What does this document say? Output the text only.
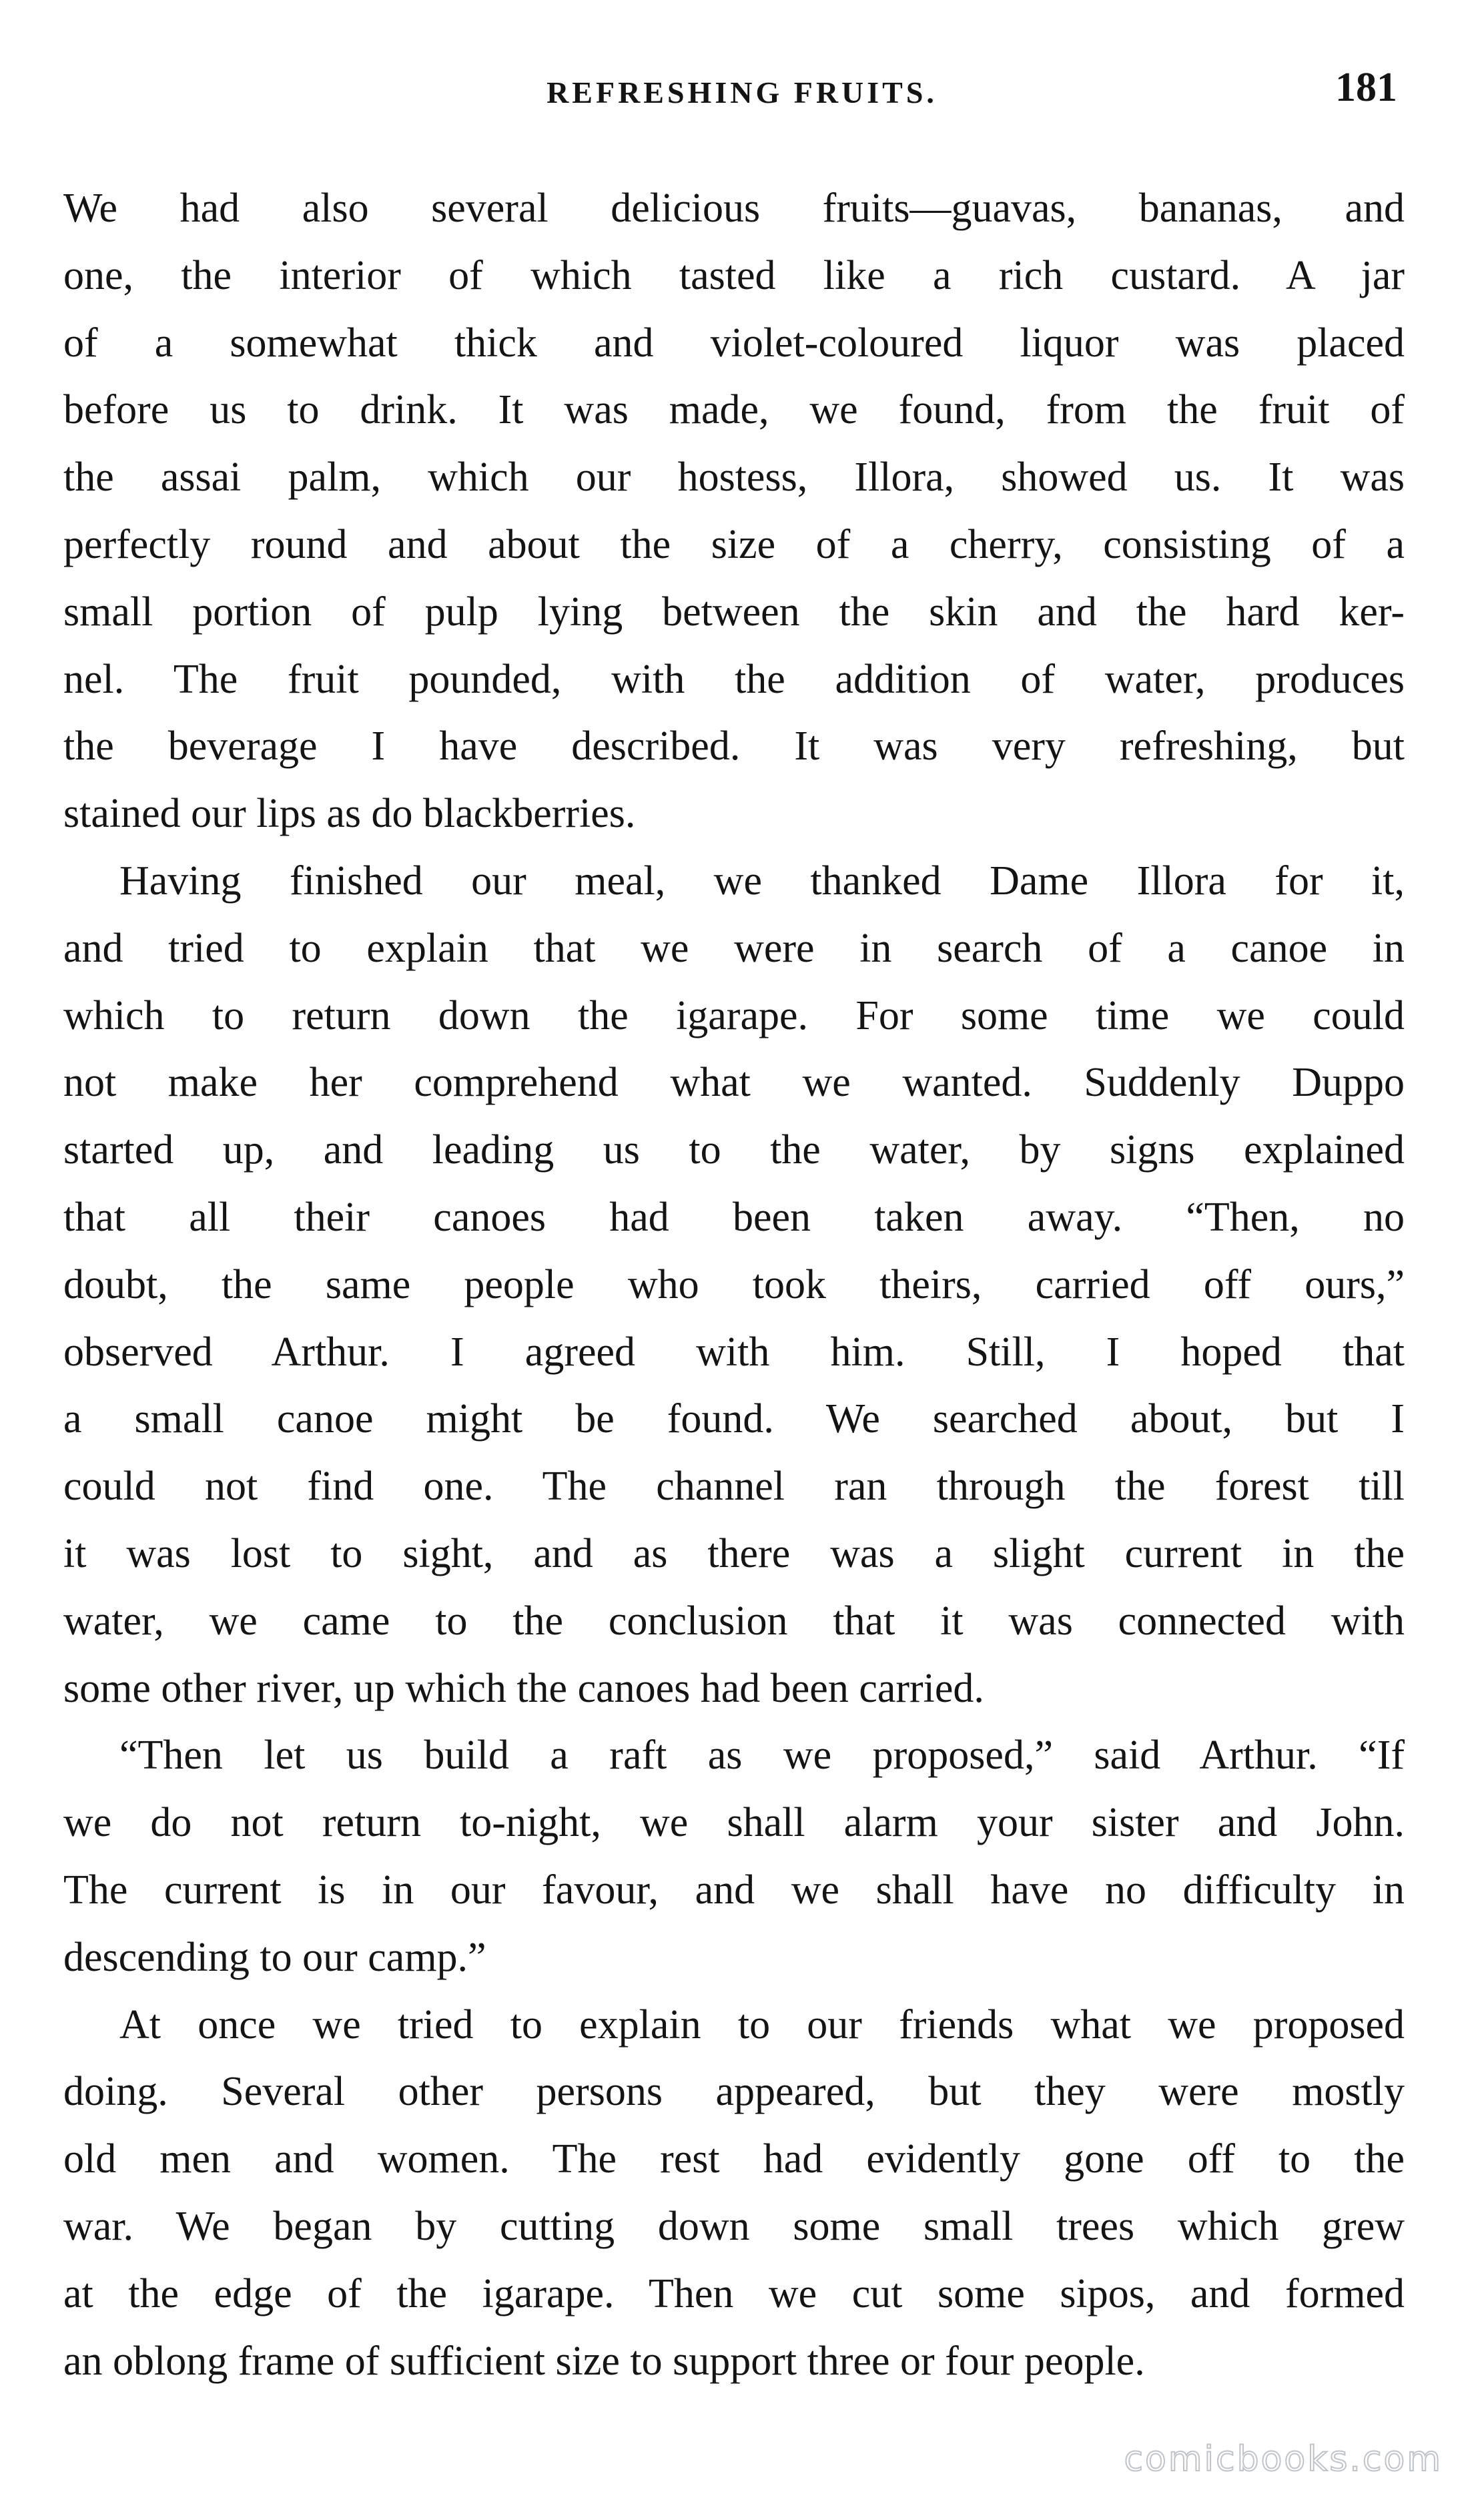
REFRESHING FRUITS.	181
We had also several delicious fruits—guavas, bananas, and
one, the interior of which tasted like a rich custard. A jar
of a somewhat thick and violet-coloured liquor was placed
before us to drink. It was made, we found, from the fruit of
the assai palm, which our hostess, Illora, showed us. It was
perfectly round and about the size of a cherry, consisting of a
small portion of pulp lying between the skin and the hard ker-
nel. The fruit pounded, with the addition of water, produces
the beverage I have described. It was very refreshing, but
stained our lips as do blackberries.
Having finished our meal, we thanked Dame Illora for it,
and tried to explain that we were in search of a canoe in
which to return down the igarape. For some time we could
not make her comprehend what we wanted. Suddenly Duppo
started up, and leading us to the water, by signs explained
that all their canoes had been taken away. “Then, no
doubt, the same people who took theirs, carried off ours,”
observed Arthur. I agreed with him. Still, I hoped that
a small canoe might be found. We searched about, but I
could not find one. The channel ran through the forest till
it was lost to sight, and as there was a slight current in the
water, we came to the conclusion that it was connected with
some other river, up which the canoes had been carried.
“Then let us build a raft as we proposed,” said Arthur. “If
we do not return to-night, we shall alarm your sister and John.
The current is in our favour, and we shall have no difficulty in
descending to our camp.”
At once we tried to explain to our friends what we proposed
doing. Several other persons appeared, but they were mostly
old men and women. The rest had evidently gone off to the
war. We began by cutting down some small trees which grew
at the edge of the igarape. Then we cut some sipos, and formed
an oblong frame of sufficient size to support three or four people.
comicbooks.com
